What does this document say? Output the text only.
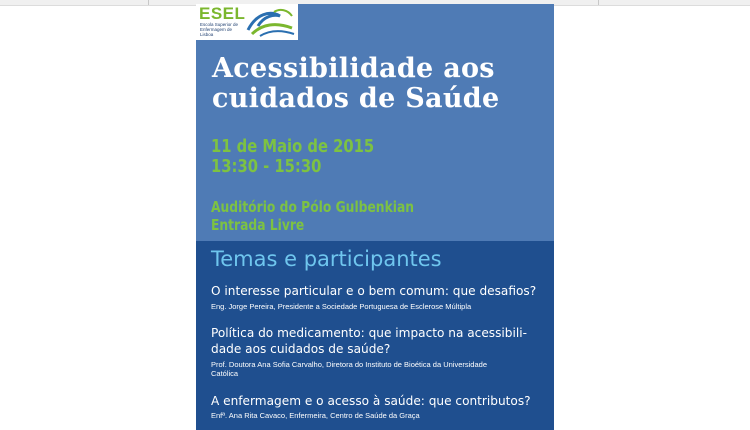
ESEL
Escola Superior de Enfermagem de Lisboa
Acessibilidade aos
cuidados de Saúde
11 de Maio de 2015
13:30 - 15:30
Auditório do Pólo Gulbenkian
Entrada Livre
Temas e participantes
O interesse particular e o bem comum: que desafios?
Eng. Jorge Pereira, Presidente a Sociedade Portuguesa de Esclerose Múltipla
Política do medicamento: que impacto na acessibili-
dade aos cuidados de saúde?
Prof. Doutora Ana Sofia Carvalho, Diretora do Instituto de Bioética da Universidade
Católica
A enfermagem e o acesso à saúde: que contributos?
Enfª. Ana Rita Cavaco, Enfermeira, Centro de Saúde da Graça
